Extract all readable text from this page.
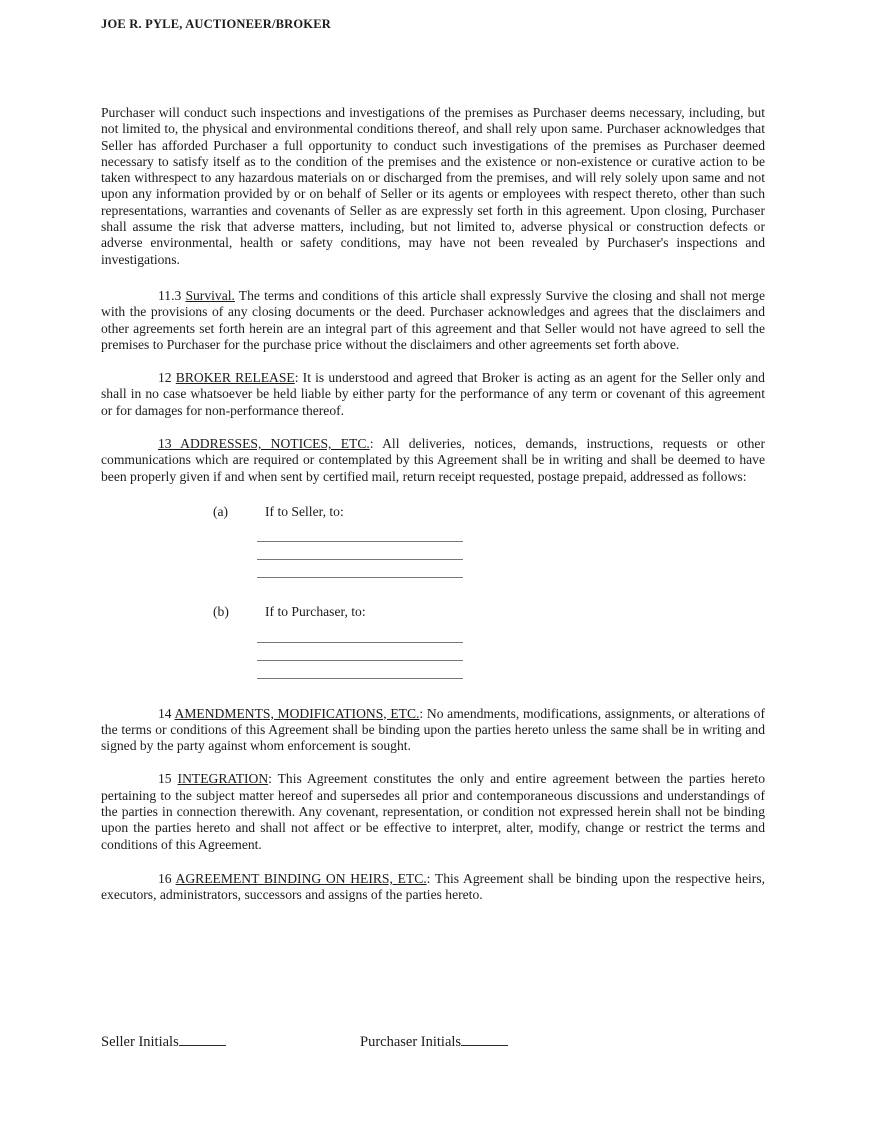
JOE R. PYLE, AUCTIONEER/BROKER

Purchaser will conduct such inspections and investigations of the premises as Purchaser deems necessary, including, but not limited to, the physical and environmental conditions thereof, and shall rely upon same. Purchaser acknowledges that Seller has afforded Purchaser a full opportunity to conduct such investigations of the premises as Purchaser deemed necessary to satisfy itself as to the condition of the premises and the existence or non-existence or curative action to be taken withrespect to any hazardous materials on or discharged from the premises, and will rely solely upon same and not upon any information provided by or on behalf of Seller or its agents or employees with respect thereto, other than such representations, warranties and covenants of Seller as are expressly set forth in this agreement. Upon closing, Purchaser shall assume the risk that adverse matters, including, but not limited to, adverse physical or construction defects or adverse environmental, health or safety conditions, may have not been revealed by Purchaser's inspections and investigations.

11.3 Survival. The terms and conditions of this article shall expressly Survive the closing and shall not merge with the provisions of any closing documents or the deed. Purchaser acknowledges and agrees that the disclaimers and other agreements set forth herein are an integral part of this agreement and that Seller would not have agreed to sell the premises to Purchaser for the purchase price without the disclaimers and other agreements set forth above.

12 BROKER RELEASE: It is understood and agreed that Broker is acting as an agent for the Seller only and shall in no case whatsoever be held liable by either party for the performance of any term or covenant of this agreement or for damages for non-performance thereof.

13 ADDRESSES, NOTICES, ETC.: All deliveries, notices, demands, instructions, requests or other communications which are required or contemplated by this Agreement shall be in writing and shall be deemed to have been properly given if and when sent by certified mail, return receipt requested, postage prepaid, addressed as follows:

(a)	If to Seller, to:
(b)	If to Purchaser, to:

14 AMENDMENTS, MODIFICATIONS, ETC.: No amendments, modifications, assignments, or alterations of the terms or conditions of this Agreement shall be binding upon the parties hereto unless the same shall be in writing and signed by the party against whom enforcement is sought.

15 INTEGRATION: This Agreement constitutes the only and entire agreement between the parties hereto pertaining to the subject matter hereof and supersedes all prior and contemporaneous discussions and understandings of the parties in connection therewith. Any covenant, representation, or condition not expressed herein shall not be binding upon the parties hereto and shall not affect or be effective to interpret, alter, modify, change or restrict the terms and conditions of this Agreement.

16 AGREEMENT BINDING ON HEIRS, ETC.: This Agreement shall be binding upon the respective heirs, executors, administrators, successors and assigns of the parties hereto.

Seller Initials	Purchaser Initials
